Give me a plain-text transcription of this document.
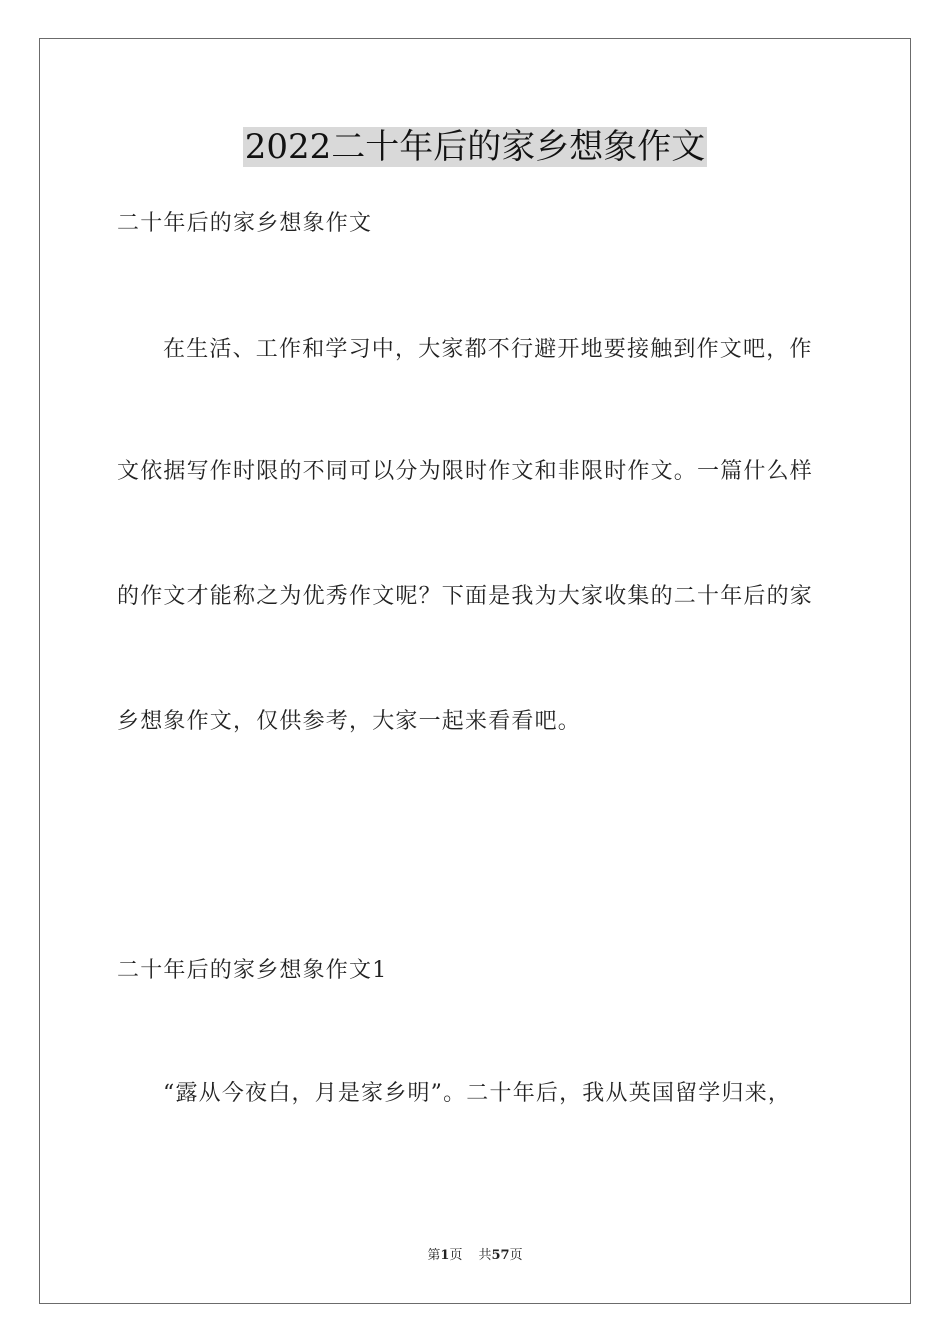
2022二十年后的家乡想象作文
二十年后的家乡想象作文
在生活、工作和学习中，大家都不行避开地要接触到作文吧，作
文依据写作时限的不同可以分为限时作文和非限时作文。一篇什么样
的作文才能称之为优秀作文呢？下面是我为大家收集的二十年后的家
乡想象作文，仅供参考，大家一起来看看吧。
二十年后的家乡想象作文1
“露从今夜白，月是家乡明”。二十年后，我从英国留学归来，
第1页 共57页
